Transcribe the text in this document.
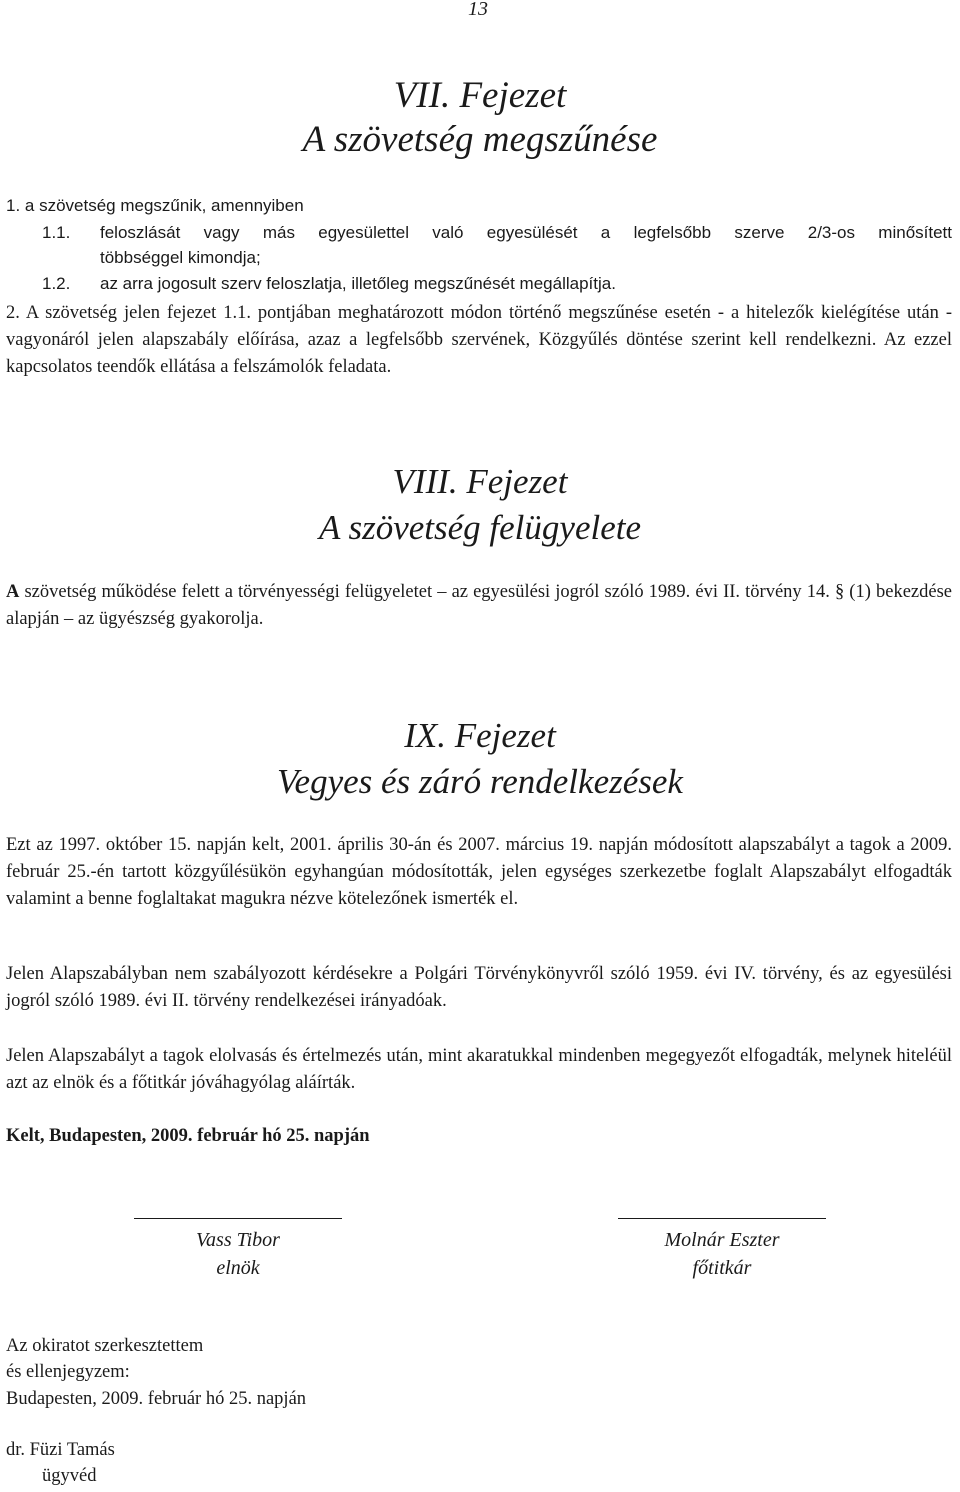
13
VII. Fejezet
A szövetség megszűnése
1. a szövetség megszűnik, amennyiben
1.1. feloszlását vagy más egyesülettel való egyesülését a legfelsőbb szerve 2/3-os minősített
többséggel kimondja;
1.2. az arra jogosult szerv feloszlatja, illetőleg megszűnését megállapítja.
2. A szövetség jelen fejezet 1.1. pontjában meghatározott módon történő megszűnése esetén - a hitelezők kielégítése után - vagyonáról jelen alapszabály előírása, azaz a legfelsőbb szervének, Közgyűlés döntése szerint kell rendelkezni. Az ezzel kapcsolatos teendők ellátása a felszámolók feladata.
VIII. Fejezet
A szövetség felügyelete
A szövetség működése felett a törvényességi felügyeletet – az egyesülési jogról szóló 1989. évi II. törvény 14. § (1) bekezdése alapján – az ügyészség gyakorolja.
IX. Fejezet
Vegyes és záró rendelkezések
Ezt az 1997. október 15. napján kelt, 2001. április 30-án és 2007. március 19. napján módosított alapszabályt a tagok a 2009. február 25.-én tartott közgyűlésükön egyhangúan módosították, jelen egységes szerkezetbe foglalt Alapszabályt elfogadták valamint a benne foglaltakat magukra nézve kötelezőnek ismerték el.
Jelen Alapszabályban nem szabályozott kérdésekre a Polgári Törvénykönyvről szóló 1959. évi IV. törvény, és az egyesülési jogról szóló 1989. évi II. törvény rendelkezései irányadóak.
Jelen Alapszabályt a tagok elolvasás és értelmezés után, mint akaratukkal mindenben megegyezőt elfogadták, melynek hiteléül azt az elnök és a főtitkár jóváhagyólag aláírták.
Kelt, Budapesten, 2009. február hó 25. napján
Vass Tibor
elnök
Molnár Eszter
főtitkár
Az okiratot szerkesztettem
és ellenjegyzem:
Budapesten, 2009. február hó 25. napján
dr. Füzi Tamás
ügyvéd
